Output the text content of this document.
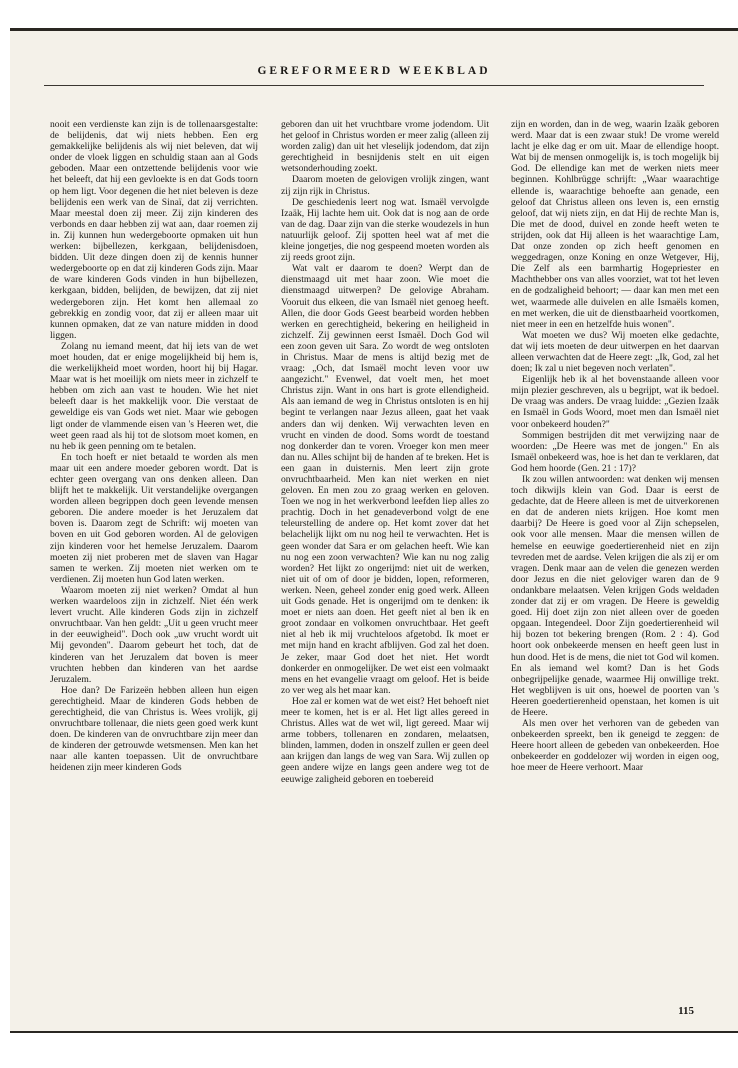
GEREFORMEERD WEEKBLAD

nooit een verdienste kan zijn is de tollenaarsgestalte: de belijdenis, dat wij niets hebben. Een erg gemakkelijke belijdenis als wij niet beleven, dat wij onder de vloek liggen en schuldig staan aan al Gods geboden. Maar een ontzettende belijdenis voor wie het beleeft, dat hij een gevloekte is en dat Gods toorn op hem ligt. Voor degenen die het niet beleven is deze belijdenis een werk van de Sinaï, dat zij verrichten. Maar meestal doen zij meer. Zij zijn kinderen des verbonds en daar hebben zij wat aan, daar roemen zij in. Zij kunnen hun wedergeboorte opmaken uit hun werken: bijbellezen, kerkgaan, belijdenisdoen, bidden. Uit deze dingen doen zij de kennis hunner wedergeboorte op en dat zij kinderen Gods zijn. Maar de ware kinderen Gods vinden in hun bijbellezen, kerkgaan, bidden, belijden, de bewijzen, dat zij niet wedergeboren zijn. Het komt hen allemaal zo gebrekkig en zondig voor, dat zij er alleen maar uit kunnen opmaken, dat ze van nature midden in dood liggen.

Zolang nu iemand meent, dat hij iets van de wet moet houden, dat er enige mogelijkheid bij hem is, die werkelijkheid moet worden, hoort hij bij Hagar. Maar wat is het moeilijk om niets meer in zichzelf te hebben om zich aan vast te houden. Wie het niet beleeft daar is het makkelijk voor. Die verstaat de geweldige eis van Gods wet niet. Maar wie gebogen ligt onder de vlammende eisen van 's Heeren wet, die weet geen raad als hij tot de slotsom moet komen, en nu heb ik geen penning om te betalen.

En toch hoeft er niet betaald te worden als men maar uit een andere moeder geboren wordt. Dat is echter geen overgang van ons denken alleen. Dan blijft het te makkelijk. Uit verstandelijke overgangen worden alleen begrippen doch geen levende mensen geboren. Die andere moeder is het Jeruzalem dat boven is. Daarom zegt de Schrift: wij moeten van boven en uit God geboren worden. Al de gelovigen zijn kinderen voor het hemelse Jeruzalem. Daarom moeten zij niet proberen met de slaven van Hagar samen te werken. Zij moeten niet werken om te verdienen. Zij moeten hun God laten werken.

Waarom moeten zij niet werken? Omdat al hun werken waardeloos zijn in zichzelf. Niet één werk levert vrucht. Alle kinderen Gods zijn in zichzelf onvruchtbaar. Van hen geldt: „Uit u geen vrucht meer in der eeuwigheid". Doch ook „uw vrucht wordt uit Mij gevonden". Daarom gebeurt het toch, dat de kinderen van het Jeruzalem dat boven is meer vruchten hebben dan kinderen van het aardse Jeruzalem.

Hoe dan? De Farizeën hebben alleen hun eigen gerechtigheid. Maar de kinderen Gods hebben de gerechtigheid, die van Christus is. Wees vrolijk, gij onvruchtbare tollenaar, die niets geen goed werk kunt doen. De kinderen van de onvruchtbare zijn meer dan de kinderen der getrouwde wetsmensen. Men kan het naar alle kanten toepassen. Uit de onvruchtbare heidenen zijn meer kinderen Gods

geboren dan uit het vruchtbare vrome jodendom. Uit het geloof in Christus worden er meer zalig (alleen zij worden zalig) dan uit het vleselijk jodendom, dat zijn gerechtigheid in besnijdenis stelt en uit eigen wetsonderhouding zoekt.

Daarom moeten de gelovigen vrolijk zingen, want zij zijn rijk in Christus.

De geschiedenis leert nog wat. Ismaël vervolgde Izaäk, Hij lachte hem uit. Ook dat is nog aan de orde van de dag. Daar zijn van die sterke woudezels in hun natuurlijk geloof. Zij spotten heel wat af met die kleine jongetjes, die nog gespeend moeten worden als zij reeds groot zijn.

Wat valt er daarom te doen? Werpt dan de dienstmaagd uit met haar zoon. Wie moet die dienstmaagd uitwerpen? De gelovige Abraham. Vooruit dus elkeen, die van Ismaël niet genoeg heeft. Allen, die door Gods Geest bearbeid worden hebben werken en gerechtigheid, bekering en heiligheid in zichzelf. Zij gewinnen eerst Ismaël. Doch God wil een zoon geven uit Sara. Zo wordt de weg ontsloten in Christus. Maar de mens is altijd bezig met de vraag: „Och, dat Ismaël mocht leven voor uw aangezicht." Evenwel, dat voelt men, het moet Christus zijn. Want in ons hart is grote ellendigheid. Als aan iemand de weg in Christus ontsloten is en hij begint te verlangen naar Jezus alleen, gaat het vaak anders dan wij denken. Wij verwachten leven en vrucht en vinden de dood. Soms wordt de toestand nog donkerder dan te voren. Vroeger kon men meer dan nu. Alles schijnt bij de handen af te breken. Het is een gaan in duisternis. Men leert zijn grote onvruchtbaarheid. Men kan niet werken en niet geloven. En men zou zo graag werken en geloven. Toen we nog in het werkverbond leefden liep alles zo prachtig. Doch in het genadeverbond volgt de ene teleurstelling de andere op. Het komt zover dat het belachelijk lijkt om nu nog heil te verwachten. Het is geen wonder dat Sara er om gelachen heeft. Wie kan nu nog een zoon verwachten? Wie kan nu nog zalig worden? Het lijkt zo ongerijmd: niet uit de werken, niet uit of om of door je bidden, lopen, reformeren, werken. Neen, geheel zonder enig goed werk. Alleen uit Gods genade. Het is ongerijmd om te denken: ik moet er niets aan doen. Het geeft niet al ben ik en groot zondaar en volkomen onvruchtbaar. Het geeft niet al heb ik mij vruchteloos afgetobd. Ik moet er met mijn hand en kracht afblijven. God zal het doen. Je zeker, maar God doet het niet. Het wordt donkerder en onmogelijker. De wet eist een volmaakt mens en het evangelie vraagt om geloof. Het is beide zo ver weg als het maar kan.

Hoe zal er komen wat de wet eist? Het behoeft niet meer te komen, het is er al. Het ligt alles gereed in Christus. Alles wat de wet wil, ligt gereed. Maar wij arme tobbers, tollenaren en zondaren, melaatsen, blinden, lammen, doden in onszelf zullen er geen deel aan krijgen dan langs de weg van Sara. Wij zullen op geen andere wijze en langs geen andere weg tot de eeuwige zaligheid geboren en toebereid

zijn en worden, dan in de weg, waarin Izaäk geboren werd. Maar dat is een zwaar stuk! De vrome wereld lacht je elke dag er om uit. Maar de ellendige hoopt. Wat bij de mensen onmogelijk is, is toch mogelijk bij God. De ellendige kan met de werken niets meer beginnen. Kohlbrügge schrijft: „Waar waarachtige ellende is, waarachtige behoefte aan genade, een geloof dat Christus alleen ons leven is, een ernstig geloof, dat wij niets zijn, en dat Hij de rechte Man is, Die met de dood, duivel en zonde heeft weten te strijden, ook dat Hij alleen is het waarachtige Lam, Dat onze zonden op zich heeft genomen en weggedragen, onze Koning en onze Wetgever, Hij, Die Zelf als een barmhartig Hogepriester en Machthebber ons van alles voorziet, wat tot het leven en de godzaligheid behoort; — daar kan men met een wet, waarmede alle duivelen en alle Ismaëls komen, en met werken, die uit de dienstbaarheid voortkomen, niet meer in een en hetzelfde huis wonen".

Wat moeten we dus? Wij moeten elke gedachte, dat wij iets moeten de deur uitwerpen en het daarvan alleen verwachten dat de Heere zegt: „Ik, God, zal het doen; Ik zal u niet begeven noch verlaten".

Eigenlijk heb ik al het bovenstaande alleen voor mijn plezier geschreven, als u begrijpt, wat ik bedoel. De vraag was anders. De vraag luidde: „Gezien Izaäk en Ismaël in Gods Woord, moet men dan Ismaël niet voor onbekeerd houden?"

Sommigen bestrijden dit met verwijzing naar de woorden: „De Heere was met de jongen." En als Ismaël onbekeerd was, hoe is het dan te verklaren, dat God hem hoorde (Gen. 21 : 17)?

Ik zou willen antwoorden: wat denken wij mensen toch dikwijls klein van God. Daar is eerst de gedachte, dat de Heere alleen is met de uitverkorenen en dat de anderen niets krijgen. Hoe komt men daarbij? De Heere is goed voor al Zijn schepselen, ook voor alle mensen. Maar die mensen willen de hemelse en eeuwige goedertierenheid niet en zijn tevreden met de aardse. Velen krijgen die als zij er om vragen. Denk maar aan de velen die genezen werden door Jezus en die niet geloviger waren dan de 9 ondankbare melaatsen. Velen krijgen Gods weldaden zonder dat zij er om vragen. De Heere is geweldig goed. Hij doet zijn zon niet alleen over de goeden opgaan. Integendeel. Door Zijn goedertierenheid wil hij bozen tot bekering brengen (Rom. 2 : 4). God hoort ook onbekeerde mensen en heeft geen lust in hun dood. Het is de mens, die niet tot God wil komen. En als iemand wel komt? Dan is het Gods onbegrijpelijke genade, waarmee Hij onwillige trekt. Het wegblijven is uit ons, hoewel de poorten van 's Heeren goedertierenheid openstaan, het komen is uit de Heere.

Als men over het verhoren van de gebeden van onbekeerden spreekt, ben ik geneigd te zeggen: de Heere hoort alleen de gebeden van onbekeerden. Hoe onbekeerder en goddelozer wij worden in eigen oog, hoe meer de Heere verhoort. Maar

115
